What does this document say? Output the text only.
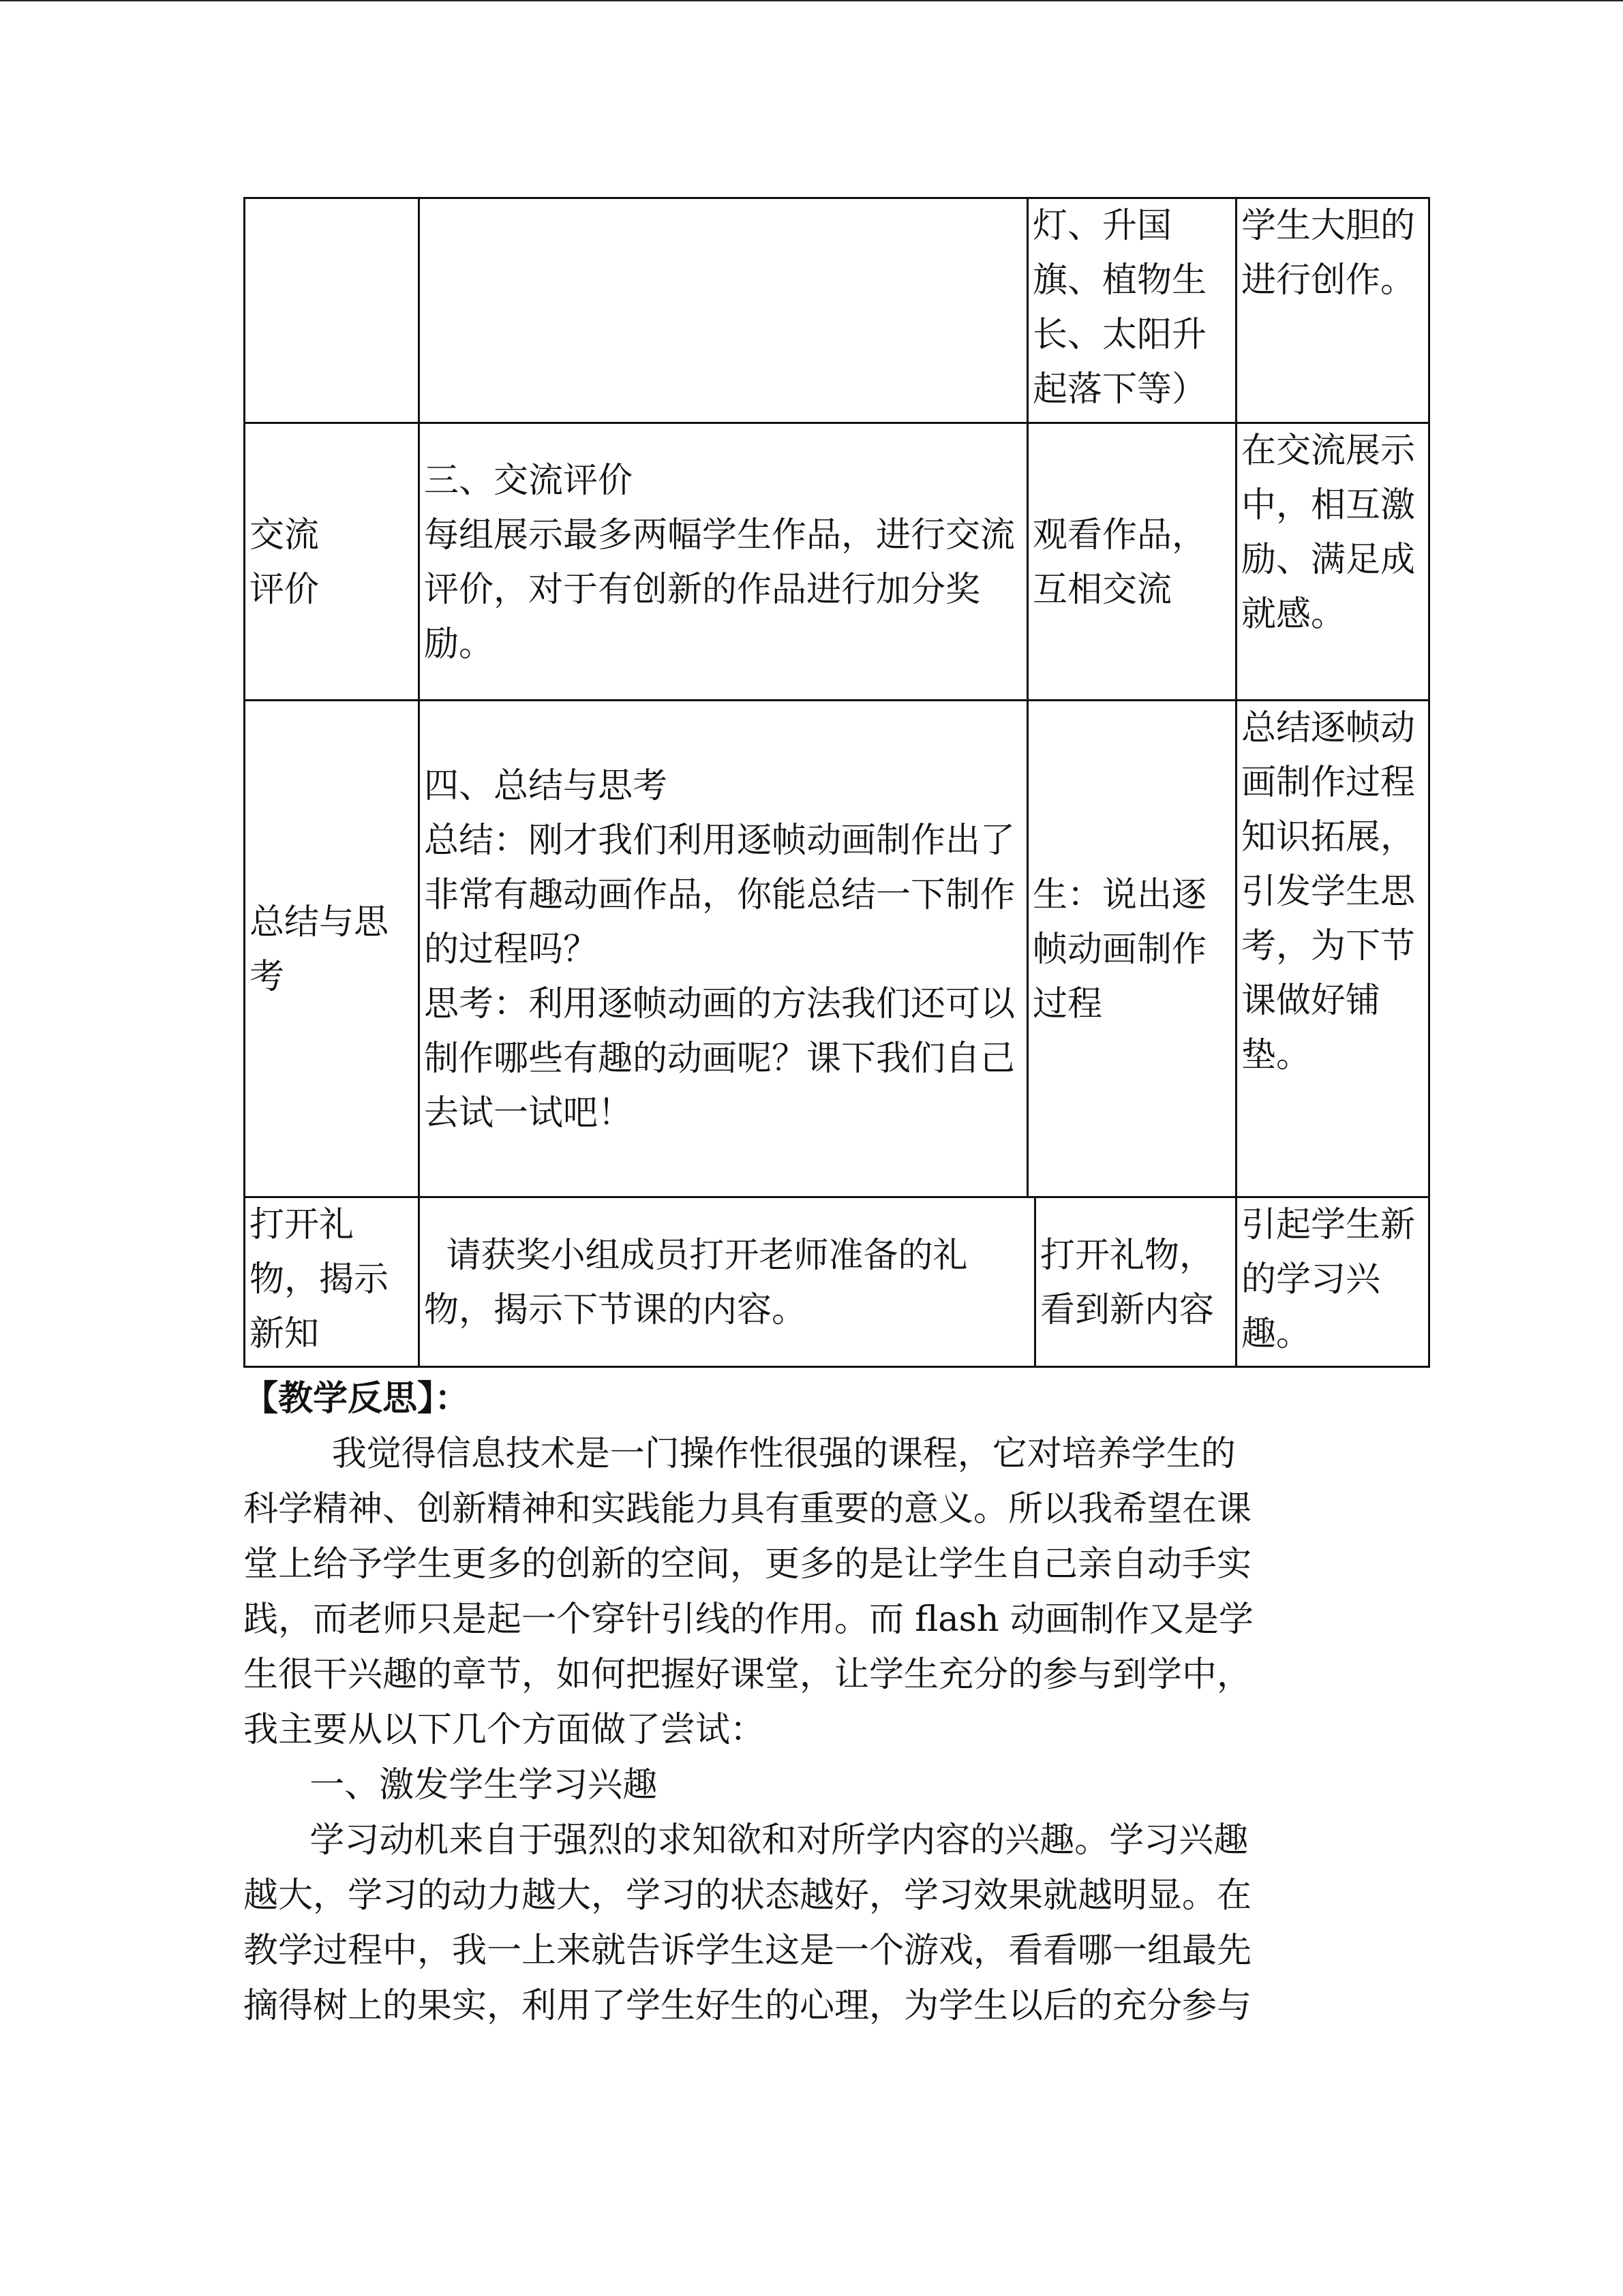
灯、升国旗、植物生长、太阳升起落下等）
学生大胆的进行创作。
交流
评价
三、交流评价
每组展示最多两幅学生作品，进行交流评价，对于有创新的作品进行加分奖励。
观看作品，互相交流
在交流展示中，相互激励、满足成就感。
总结与思考
四、总结与思考
总结：刚才我们利用逐帧动画制作出了非常有趣动画作品，你能总结一下制作的过程吗？
思考：利用逐帧动画的方法我们还可以制作哪些有趣的动画呢？课下我们自己去试一试吧！
生：说出逐帧动画制作过程
总结逐帧动画制作过程
知识拓展，引发学生思考，为下节课做好铺垫。
打开礼物，揭示新知
请获奖小组成员打开老师准备的礼物，揭示下节课的内容。
打开礼物，看到新内容
引起学生新的学习兴趣。

【教学反思】：

我觉得信息技术是一门操作性很强的课程，它对培养学生的

科学精神、创新精神和实践能力具有重要的意义。所以我希望在课

堂上给予学生更多的创新的空间，更多的是让学生自己亲自动手实

践，而老师只是起一个穿针引线的作用。而 flash 动画制作又是学

生很干兴趣的章节，如何把握好课堂，让学生充分的参与到学中，

我主要从以下几个方面做了尝试：

一、激发学生学习兴趣

学习动机来自于强烈的求知欲和对所学内容的兴趣。学习兴趣

越大，学习的动力越大，学习的状态越好，学习效果就越明显。在

教学过程中，我一上来就告诉学生这是一个游戏，看看哪一组最先

摘得树上的果实，利用了学生好生的心理，为学生以后的充分参与
